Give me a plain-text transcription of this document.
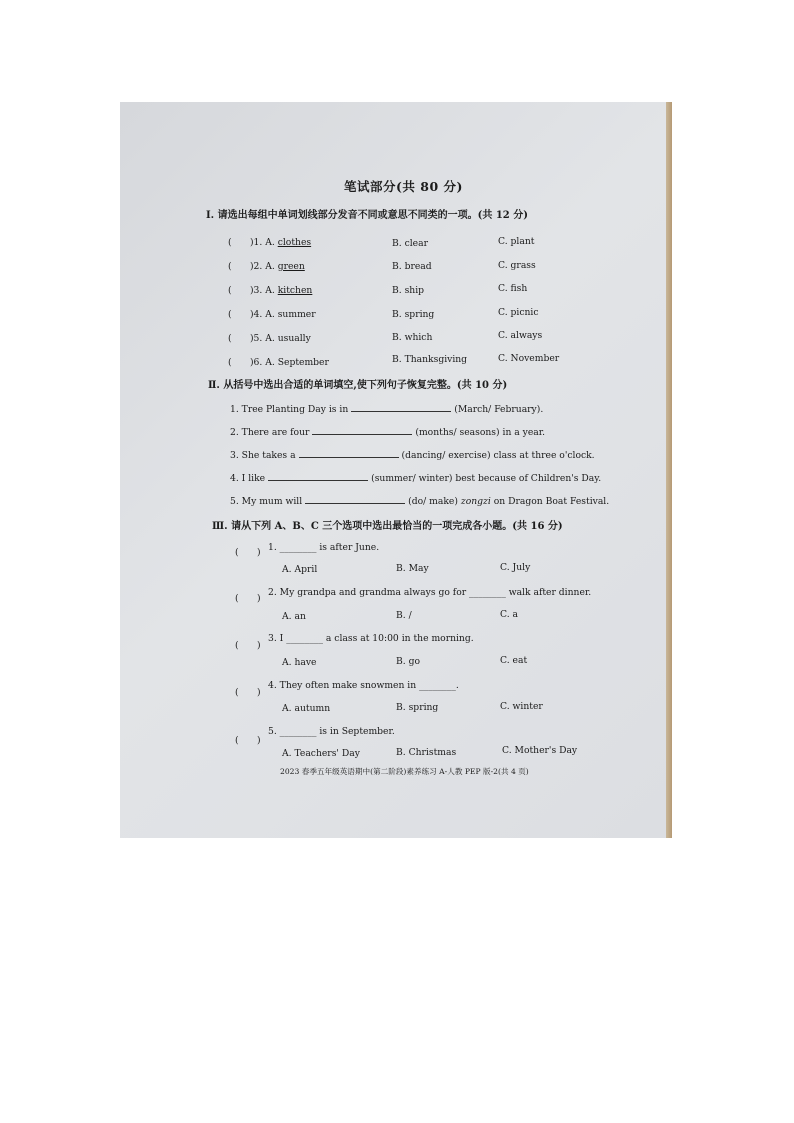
笔试部分(共 80 分)
Ⅰ. 请选出每组中单词划线部分发音不同或意思不同类的一项。(共 12 分)
(　　)1. A. clothes	B. clear	C. plant
(　　)2. A. green	B. bread	C. grass
(　　)3. A. kitchen	B. ship	C. fish
(　　)4. A. summer	B. spring	C. picnic
(　　)5. A. usually	B. which	C. always
(　　)6. A. September	B. Thanksgiving	C. November
Ⅱ. 从括号中选出合适的单词填空,使下列句子恢复完整。(共 10 分)
1. Tree Planting Day is in	(March/ February).
2. There are four	(months/ seasons) in a year.
3. She takes a	(dancing/ exercise) class at three o'clock.
4. I like	(summer/ winter) best because of Children's Day.
5. My mum will	(do/ make) zongzi on Dragon Boat Festival.
Ⅲ. 请从下列 A、B、C 三个选项中选出最恰当的一项完成各小题。(共 16 分)
(　　) 1. ________ is after June.
A. April	B. May	C. July
(　　)
2. My grandpa and grandma always go for ________ walk after dinner.
A. an	B. /	C. a
(　　)
3. I ________ a class at 10:00 in the morning.
A. have	B. go	C. eat
(　　)
4. They often make snowmen in ________.
A. autumn	B. spring	C. winter
(　　)
5. ________ is in September.
A. Teachers' Day	B. Christmas	C. Mother's Day
2023 春季五年级英语期中(第二阶段)素养练习 A-人教 PEP 版-2(共 4 页)
